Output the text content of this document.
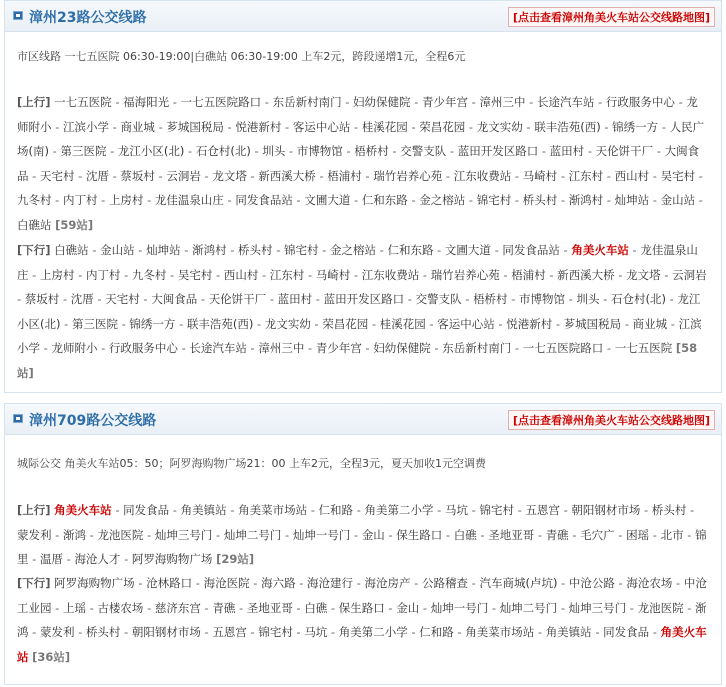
漳州23路公交线路	[点击查看漳州角美火车站公交线路地图]
市区线路 一七五医院 06:30-19:00|白礁站 06:30-19:00 上车2元，跨段递增1元，全程6元
[上行] 一七五医院 - 福海阳光 - 一七五医院路口 - 东岳新村南门 - 妇幼保健院 - 青少年宫 - 漳州三中 - 长途汽车站 - 行政服务中心 - 龙师附小 - 江滨小学 - 商业城 - 芗城国税局 - 悦港新村 - 客运中心站 - 桂溪花园 - 荣昌花园 - 龙文实幼 - 联丰浩苑(西) - 锦绣一方 - 人民广场(南) - 第三医院 - 龙江小区(北) - 石仓村(北) - 圳头 - 市博物馆 - 梧桥村 - 交警支队 - 蓝田开发区路口 - 蓝田村 - 天伦饼干厂 - 大闽食品 - 天宅村 - 沈厝 - 蔡坂村 - 云洞岩 - 龙文塔 - 新西溪大桥 - 梧浦村 - 瑞竹岩养心苑 - 江东收费站 - 马崎村 - 江东村 - 西山村 - 吴宅村 - 九冬村 - 内丁村 - 上房村 - 龙佳温泉山庄 - 同发食品站 - 文圃大道 - 仁和东路 - 金之榕站 - 锦宅村 - 桥头村 - 渐鸿村 - 灿坤站 - 金山站 - 白礁站 [59站]
[下行] 白礁站 - 金山站 - 灿坤站 - 渐鸿村 - 桥头村 - 锦宅村 - 金之榕站 - 仁和东路 - 文圃大道 - 同发食品站 - 角美火车站 - 龙佳温泉山庄 - 上房村 - 内丁村 - 九冬村 - 吴宅村 - 西山村 - 江东村 - 马崎村 - 江东收费站 - 瑞竹岩养心苑 - 梧浦村 - 新西溪大桥 - 龙文塔 - 云洞岩 - 蔡坂村 - 沈厝 - 天宅村 - 大闽食品 - 天伦饼干厂 - 蓝田村 - 蓝田开发区路口 - 交警支队 - 梧桥村 - 市博物馆 - 圳头 - 石仓村(北) - 龙江小区(北) - 第三医院 - 锦绣一方 - 联丰浩苑(西) - 龙文实幼 - 荣昌花园 - 桂溪花园 - 客运中心站 - 悦港新村 - 芗城国税局 - 商业城 - 江滨小学 - 龙师附小 - 行政服务中心 - 长途汽车站 - 漳州三中 - 青少年宫 - 妇幼保健院 - 东岳新村南门 - 一七五医院路口 - 一七五医院 [58站]
漳州709路公交线路	[点击查看漳州角美火车站公交线路地图]
城际公交 角美火车站05：50；阿罗海购物广场21：00 上车2元，全程3元，夏天加收1元空调费
[上行] 角美火车站 - 同发食品 - 角美镇站 - 角美菜市场站 - 仁和路 - 角美第二小学 - 马坑 - 锦宅村 - 五恩宫 - 朝阳钢材市场 - 桥头村 - 蒙发利 - 渐鸿 - 龙池医院 - 灿坤三号门 - 灿坤二号门 - 灿坤一号门 - 金山 - 保生路口 - 白礁 - 圣地亚哥 - 青礁 - 毛穴广 - 困瑶 - 北市 - 锦里 - 温厝 - 海沧人才 - 阿罗海购物广场 [29站]
[下行] 阿罗海购物广场 - 沧林路口 - 海沧医院 - 海六路 - 海沧建行 - 海沧房产 - 公路稽查 - 汽车商城(卢坑) - 中沧公路 - 海沧农场 - 中沧工业园 - 上瑶 - 古楼农场 - 慈济东宫 - 青礁 - 圣地亚哥 - 白礁 - 保生路口 - 金山 - 灿坤一号门 - 灿坤二号门 - 灿坤三号门 - 龙池医院 - 渐鸿 - 蒙发利 - 桥头村 - 朝阳钢材市场 - 五恩宫 - 锦宅村 - 马坑 - 角美第二小学 - 仁和路 - 角美菜市场站 - 角美镇站 - 同发食品 - 角美火车站 [36站]
